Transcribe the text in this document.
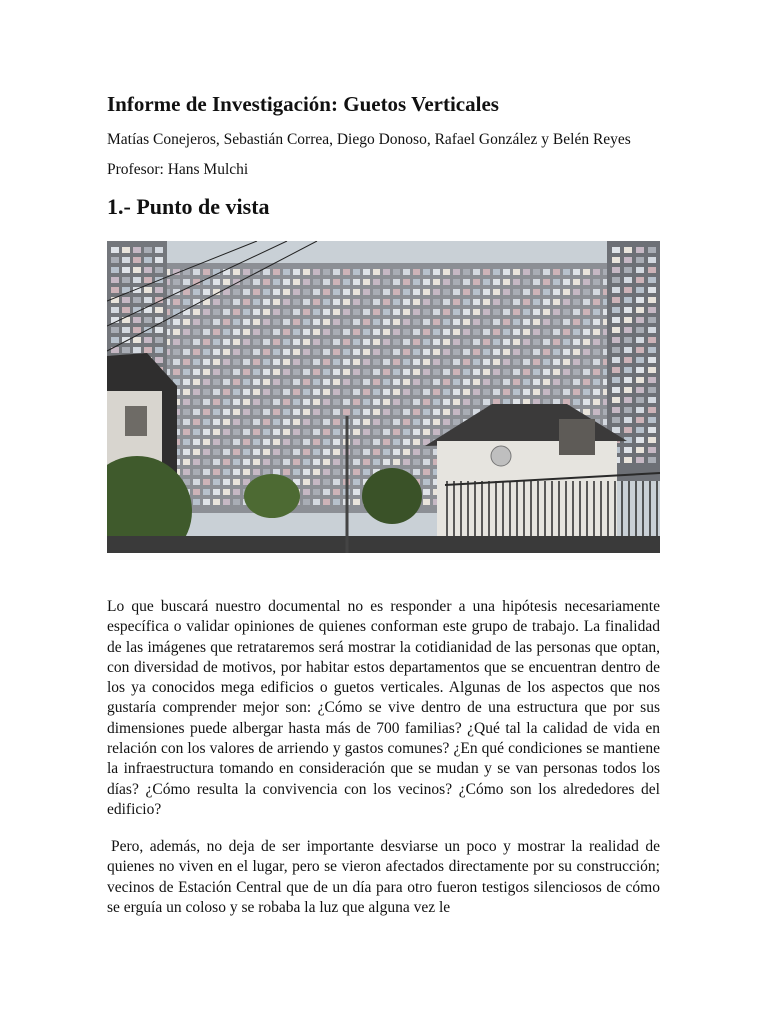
Informe de Investigación: Guetos Verticales

Matías Conejeros, Sebastián Correa, Diego Donoso, Rafael González y Belén Reyes

Profesor: Hans Mulchi

1.- Punto de vista

Lo que buscará nuestro documental no es responder a una hipótesis necesariamente específica o validar opiniones de quienes conforman este grupo de trabajo. La finalidad de las imágenes que retrataremos será mostrar la cotidianidad de las personas que optan, con diversidad de motivos, por habitar estos departamentos que se encuentran dentro de los ya conocidos mega edificios o guetos verticales. Algunas de los aspectos que nos gustaría comprender mejor son: ¿Cómo se vive dentro de una estructura que por sus dimensiones puede albergar hasta más de 700 familias? ¿Qué tal la calidad de vida en relación con los valores de arriendo y gastos comunes? ¿En qué condiciones se mantiene la infraestructura tomando en consideración que se mudan y se van personas todos los días? ¿Cómo resulta la convivencia con los vecinos? ¿Cómo son los alrededores del edificio?

Pero, además, no deja de ser importante desviarse un poco y mostrar la realidad de quienes no viven en el lugar, pero se vieron afectados directamente por su construcción; vecinos de Estación Central que de un día para otro fueron testigos silenciosos de cómo se erguía un coloso y se robaba la luz que alguna vez le
